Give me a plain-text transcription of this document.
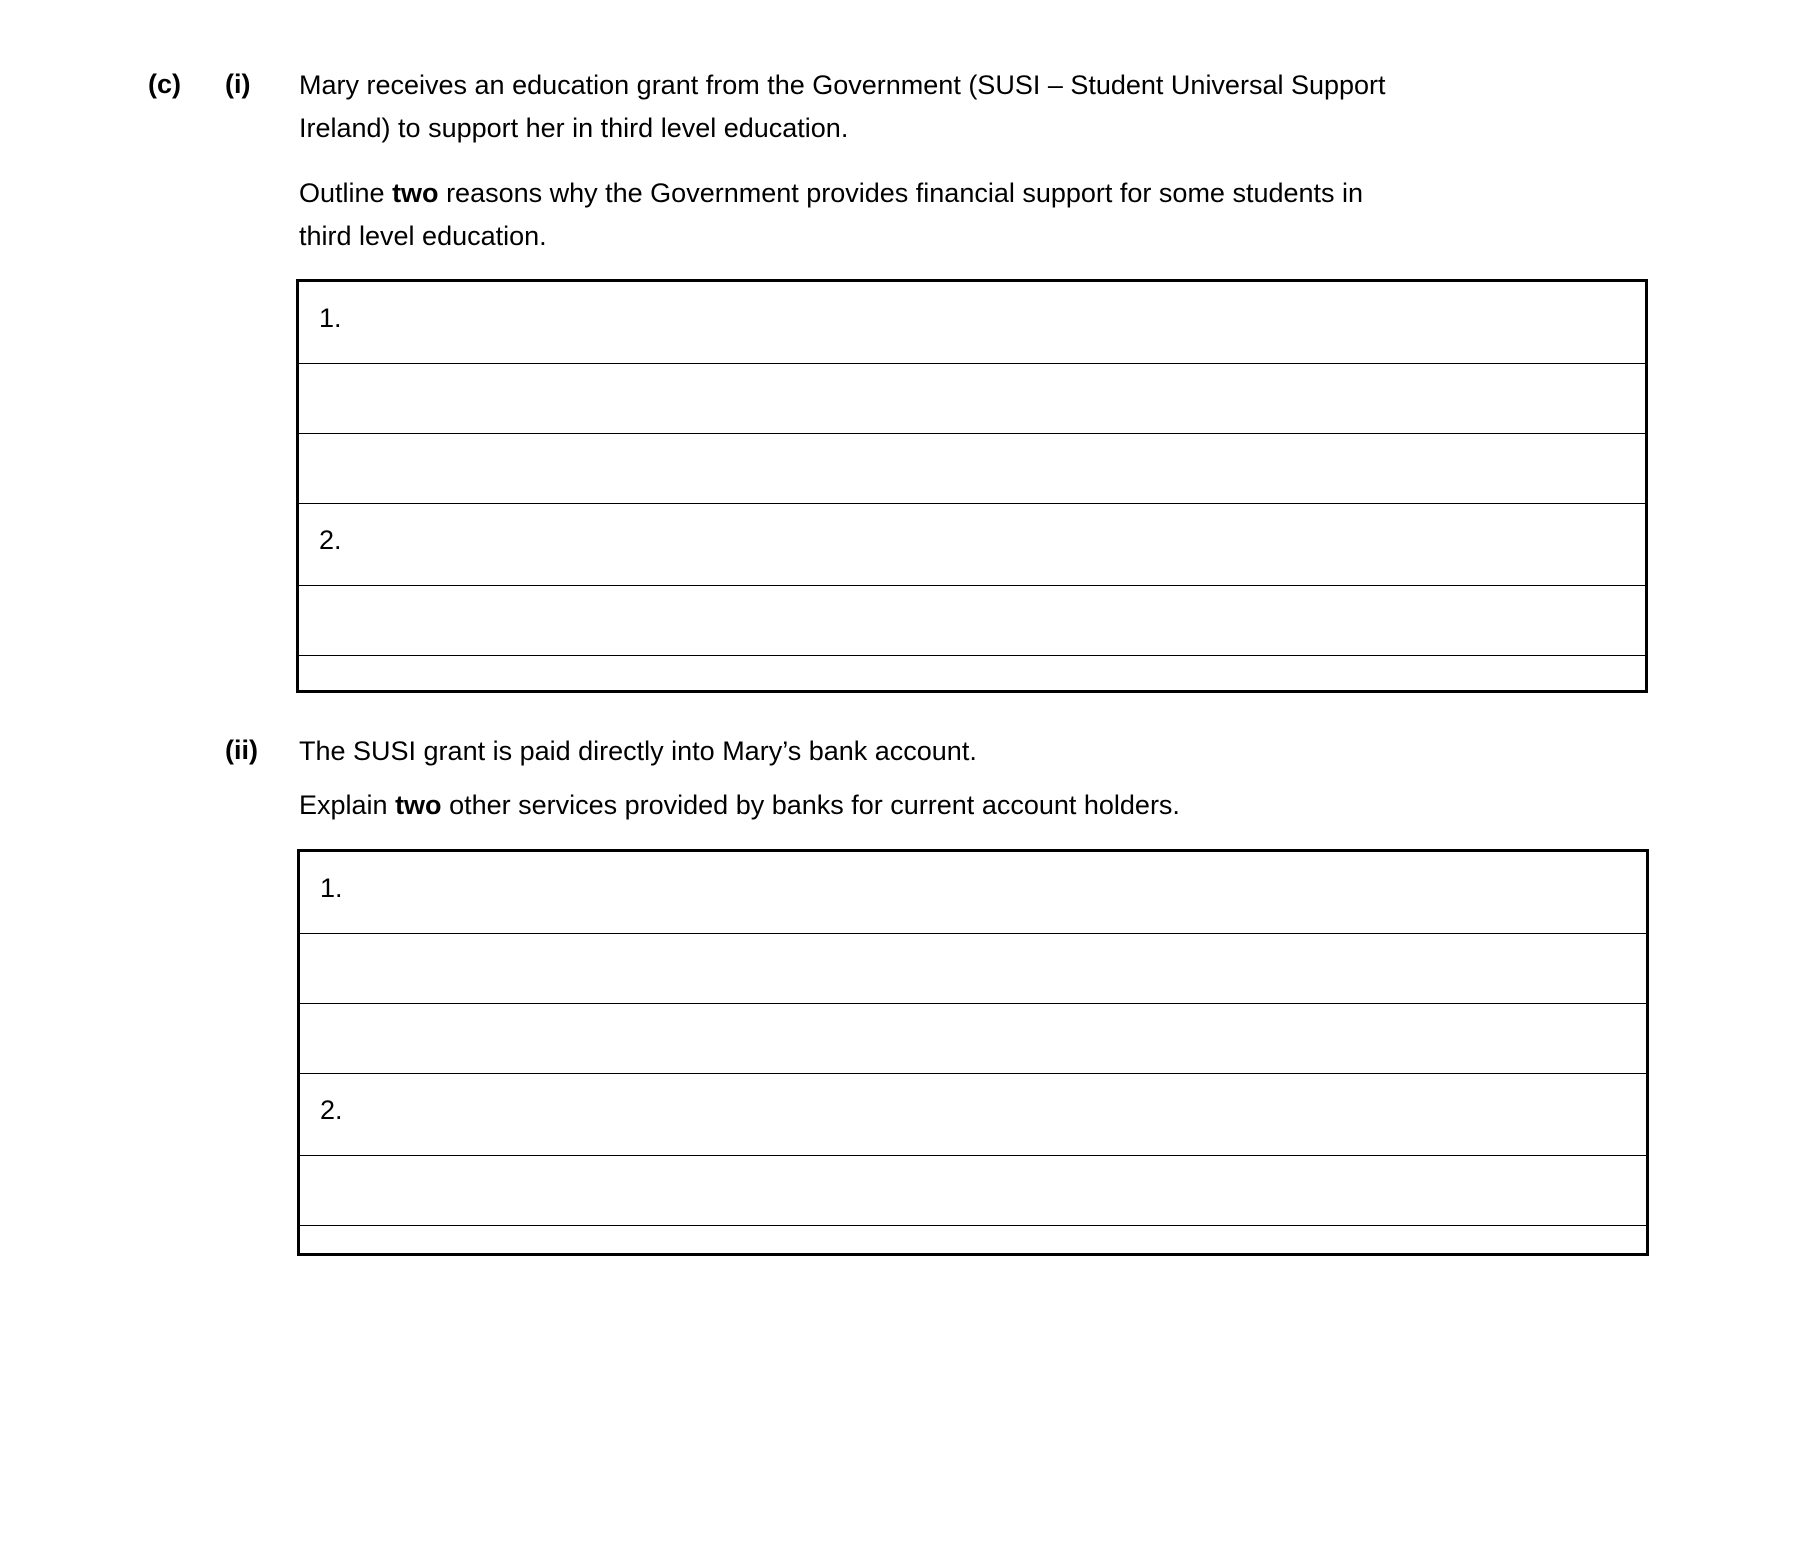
(c) (i) Mary receives an education grant from the Government (SUSI – Student Universal Support Ireland) to support her in third level education.
Outline two reasons why the Government provides financial support for some students in third level education.
1.

2.

(ii) The SUSI grant is paid directly into Mary’s bank account.
Explain two other services provided by banks for current account holders.
1.

2.
